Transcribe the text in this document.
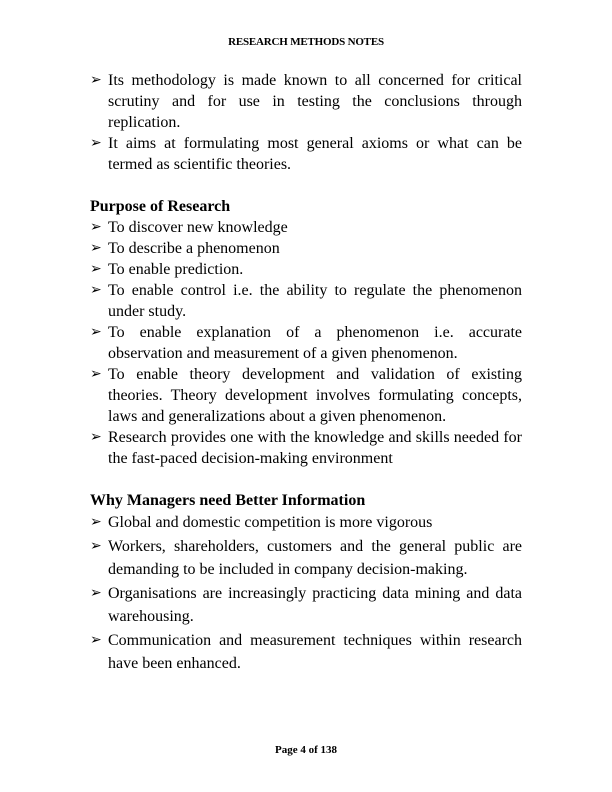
RESEARCH METHODS NOTES
➢ Its methodology is made known to all concerned for critical scrutiny and for use in testing the conclusions through replication.
➢ It aims at formulating most general axioms or what can be termed as scientific theories.
Purpose of Research
➢ To discover new knowledge
➢ To describe a phenomenon
➢ To enable prediction.
➢ To enable control i.e. the ability to regulate the phenomenon under study.
➢ To enable explanation of a phenomenon i.e. accurate observation and measurement of a given phenomenon.
➢ To enable theory development and validation of existing theories. Theory development involves formulating concepts, laws and generalizations about a given phenomenon.
➢ Research provides one with the knowledge and skills needed for the fast-paced decision-making environment
Why Managers need Better Information
➢ Global and domestic competition is more vigorous
➢ Workers, shareholders, customers and the general public are demanding to be included in company decision-making.
➢ Organisations are increasingly practicing data mining and data warehousing.
➢ Communication and measurement techniques within research have been enhanced.
Page 4 of 138
